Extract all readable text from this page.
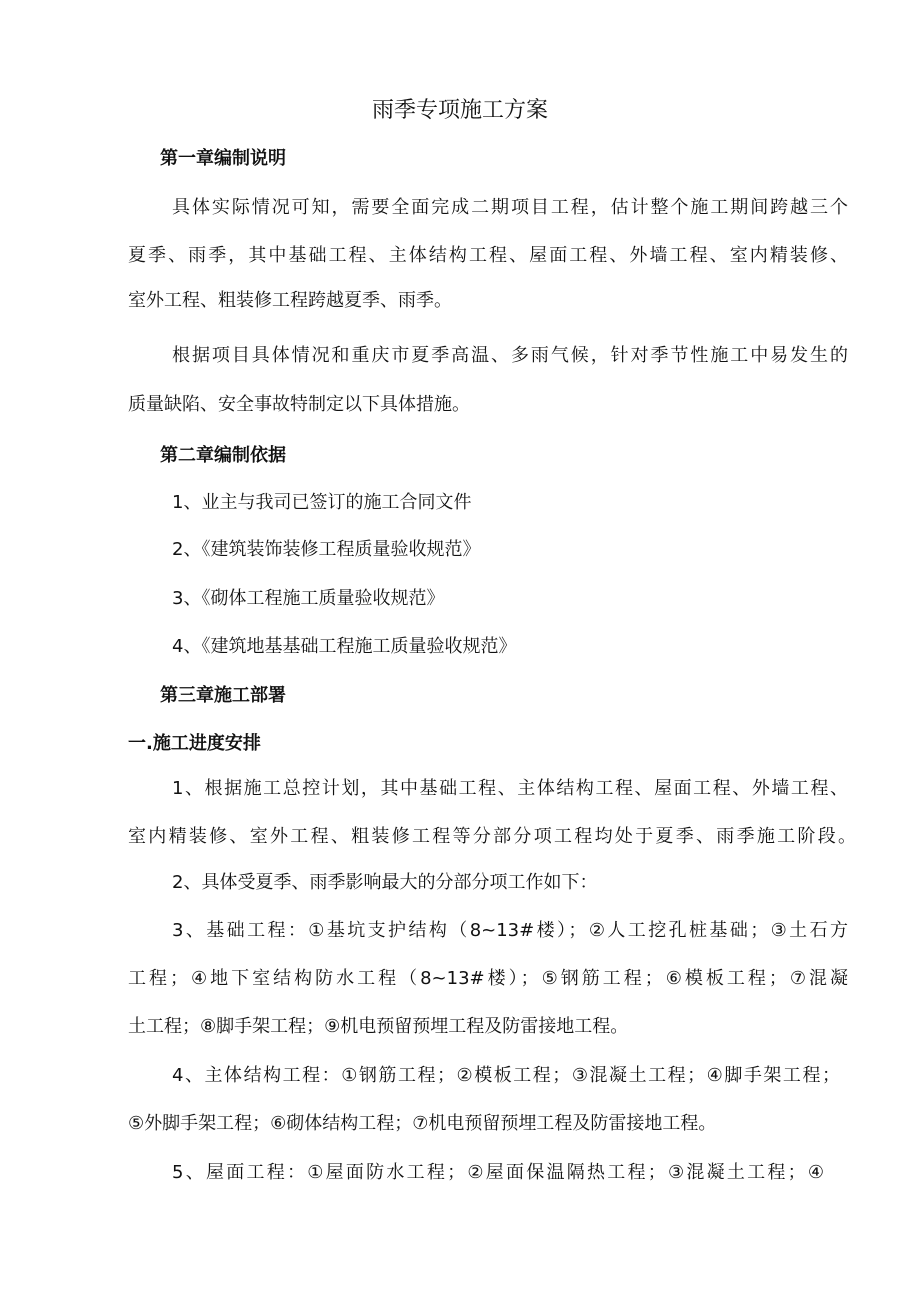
雨季专项施工方案
第一章编制说明
具体实际情况可知，需要全面完成二期项目工程，估计整个施工期间跨越三个
夏季、雨季，其中基础工程、主体结构工程、屋面工程、外墙工程、室内精装修、
室外工程、粗装修工程跨越夏季、雨季。
根据项目具体情况和重庆市夏季高温、多雨气候，针对季节性施工中易发生的
质量缺陷、安全事故特制定以下具体措施。
第二章编制依据
1、业主与我司已签订的施工合同文件
2、《建筑装饰装修工程质量验收规范》
3、《砌体工程施工质量验收规范》
4、《建筑地基基础工程施工质量验收规范》
第三章施工部署
一.施工进度安排
1、根据施工总控计划，其中基础工程、主体结构工程、屋面工程、外墙工程、
室内精装修、室外工程、粗装修工程等分部分项工程均处于夏季、雨季施工阶段。
2、具体受夏季、雨季影响最大的分部分项工作如下：
3、基础工程：①基坑支护结构（8~13#楼）；②人工挖孔桩基础；③土石方
工程；④地下室结构防水工程（8~13#楼）；⑤钢筋工程；⑥模板工程；⑦混凝
土工程；⑧脚手架工程；⑨机电预留预埋工程及防雷接地工程。
4、主体结构工程：①钢筋工程；②模板工程；③混凝土工程；④脚手架工程；
⑤外脚手架工程；⑥砌体结构工程；⑦机电预留预埋工程及防雷接地工程。
5、屋面工程：①屋面防水工程；②屋面保温隔热工程；③混凝土工程；④
